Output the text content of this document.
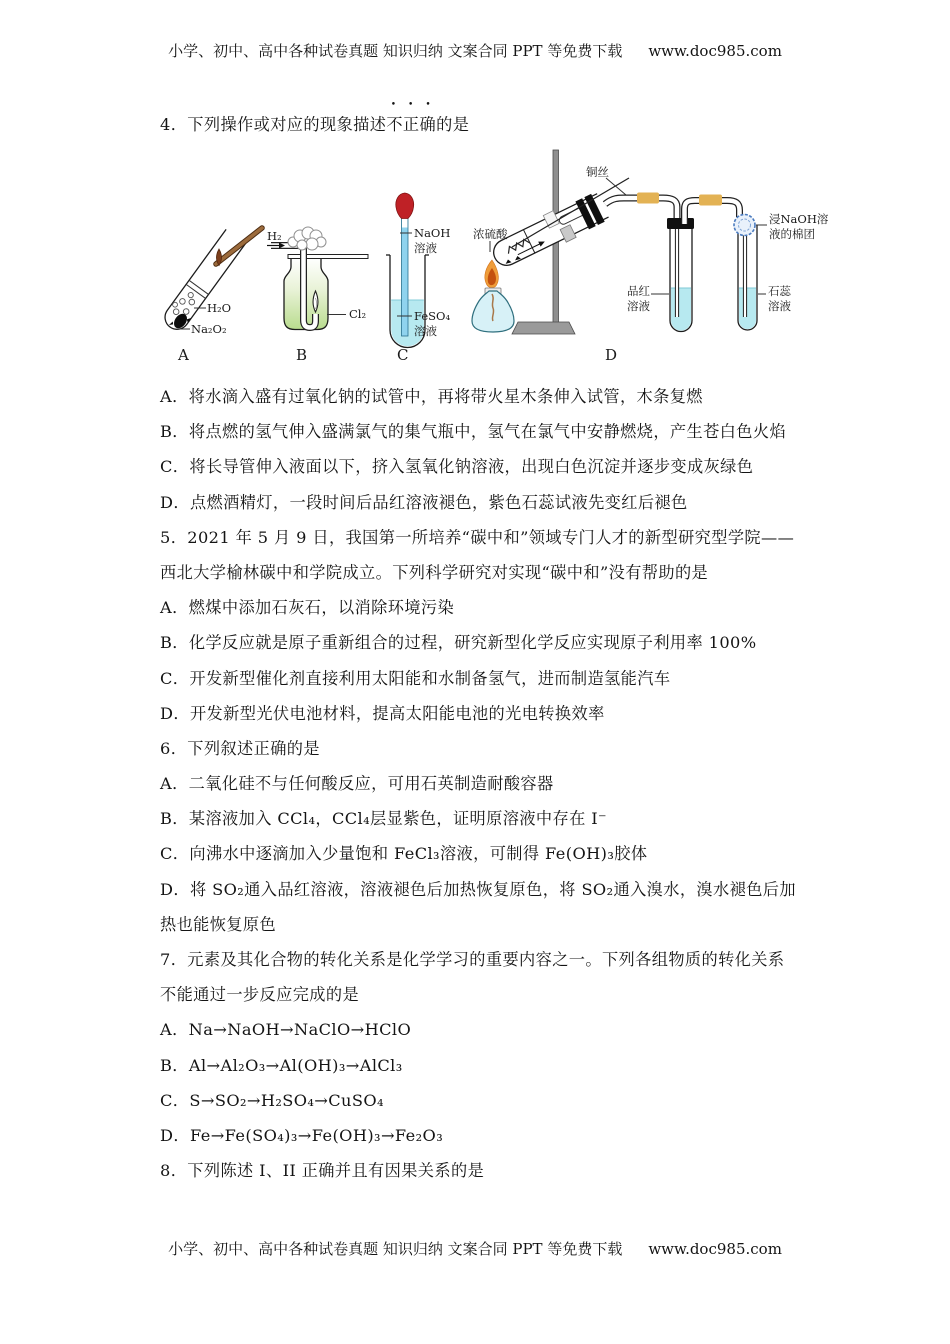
小学、初中、高中各种试卷真题 知识归纳 文案合同 PPT 等免费下载 www.doc985.com
4．下列操作或对应的现象描述•  •  • 不正确的是
H₂O
Na₂O₂
A
H₂
Cl₂
B
NaOH
溶液
FeSO₄
溶液
C
铜丝
浓硫酸
品红
溶液
浸NaOH溶
液的棉团
石蕊
溶液
D
A．将水滴入盛有过氧化钠的试管中，再将带火星木条伸入试管，木条复燃
B．将点燃的氢气伸入盛满氯气的集气瓶中，氢气在氯气中安静燃烧，产生苍白色火焰
C．将长导管伸入液面以下，挤入氢氧化钠溶液，出现白色沉淀并逐步变成灰绿色
D．点燃酒精灯，一段时间后品红溶液褪色，紫色石蕊试液先变红后褪色
5．2021 年 5 月 9 日，我国第一所培养“碳中和”领域专门人才的新型研究型学院——
西北大学榆林碳中和学院成立。下列科学研究对实现“碳中和”没有帮助的是
A．燃煤中添加石灰石，以消除环境污染
B．化学反应就是原子重新组合的过程，研究新型化学反应实现原子利用率 100%
C．开发新型催化剂直接利用太阳能和水制备氢气，进而制造氢能汽车
D．开发新型光伏电池材料，提高太阳能电池的光电转换效率
6．下列叙述正确的是
A．二氧化硅不与任何酸反应，可用石英制造耐酸容器
B．某溶液加入 CCl₄，CCl₄层显紫色，证明原溶液中存在 I⁻
C．向沸水中逐滴加入少量饱和 FeCl₃溶液，可制得 Fe(OH)₃胶体
D．将 SO₂通入品红溶液，溶液褪色后加热恢复原色，将 SO₂通入溴水，溴水褪色后加
热也能恢复原色
7．元素及其化合物的转化关系是化学学习的重要内容之一。下列各组物质的转化关系
不能通过一步反应完成的是
A．Na→NaOH→NaClO→HClO
B．Al→Al₂O₃→Al(OH)₃→AlCl₃
C．S→SO₂→H₂SO₄→CuSO₄
D．Fe→Fe(SO₄)₃→Fe(OH)₃→Fe₂O₃
8．下列陈述 I、II 正确并且有因果关系的是
小学、初中、高中各种试卷真题 知识归纳 文案合同 PPT 等免费下载 www.doc985.com
